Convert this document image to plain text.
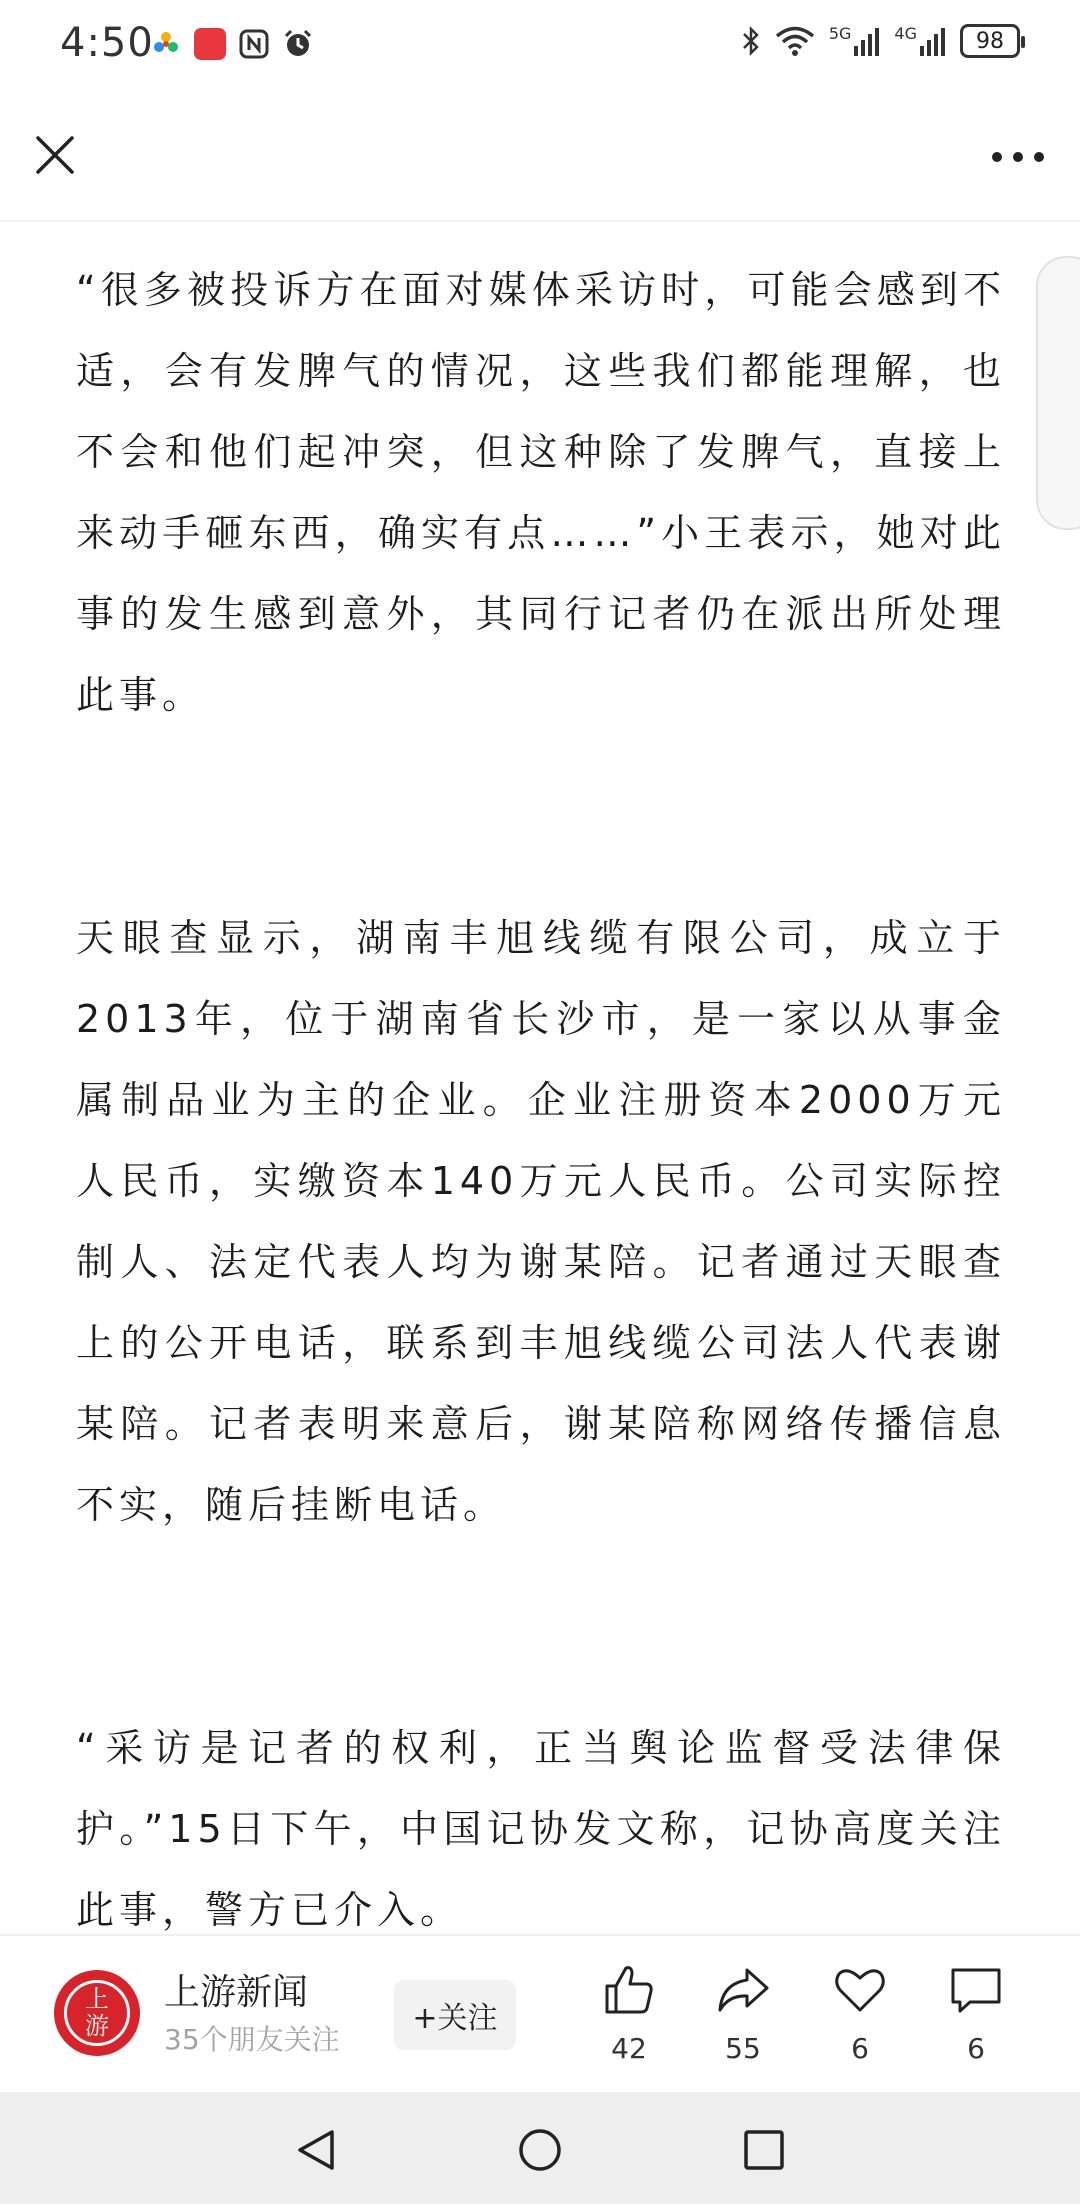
4:50	5G	4G	98

“很多被投诉方在面对媒体采访时，可能会感到不适，会有发脾气的情况，这些我们都能理解，也不会和他们起冲突，但这种除了发脾气，直接上来动手砸东西，确实有点……”小王表示，她对此事的发生感到意外，其同行记者仍在派出所处理此事。

天眼查显示，湖南丰旭线缆有限公司，成立于2013年，位于湖南省长沙市，是一家以从事金属制品业为主的企业。企业注册资本2000万元人民币，实缴资本140万元人民币。公司实际控制人、法定代表人均为谢某陪。记者通过天眼查上的公开电话，联系到丰旭线缆公司法人代表谢某陪。记者表明来意后，谢某陪称网络传播信息不实，随后挂断电话。

“采访是记者的权利，正当舆论监督受法律保护。”15日下午，中国记协发文称，记协高度关注此事，警方已介入。

上
游
上游新闻
35个朋友关注
+关注
42	55	6	6
